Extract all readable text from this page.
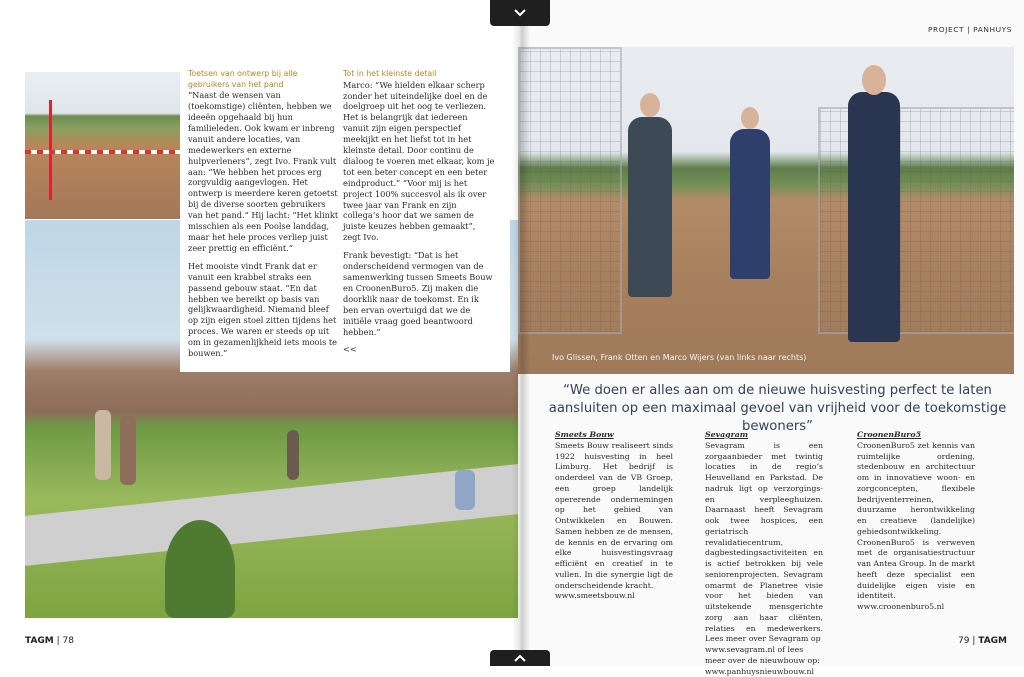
Toetsen van ontwerp bij alle gebruikers van het pand

“Naast de wensen van (toekomstige) cliënten, hebben we ideeën opgehaald bij hun familieleden. Ook kwam er inbreng vanuit andere locaties, van medewerkers en externe hulpverleners”, zegt Ivo. Frank vult aan: “We hebben het proces erg zorgvuldig aangevlogen. Het ontwerp is meerdere keren getoetst bij de diverse soorten gebruikers van het pand.” Hij lacht: “Het klinkt misschien als een Poolse landdag, maar het hele proces verliep juist zeer prettig en efficiënt.”

Het mooiste vindt Frank dat er vanuit een krabbel straks een passend gebouw staat. “En dat hebben we bereikt op basis van gelijkwaardigheid. Niemand bleef op zijn eigen stoel zitten tijdens het proces. We waren er steeds op uit om in gezamenlijkheid iets moois te bouwen.”

Tot in het kleinste detail

Marco: “We hielden elkaar scherp zonder het uiteindelijke doel en de doelgroep uit het oog te verliezen. Het is belangrijk dat iedereen vanuit zijn eigen perspectief meekijkt en het liefst tot in het kleinste detail. Door continu de dialoog te voeren met elkaar, kom je tot een beter concept en een beter eindproduct.” “Voor mij is het project 100% succesvol als ik over twee jaar van Frank en zijn collega’s hoor dat we samen de juiste keuzes hebben gemaakt”, zegt Ivo.

Frank bevestigt: “Dat is het onderscheidend vermogen van de samenwerking tussen Smeets Bouw en CroonenBuro5. Zij maken die doorklik naar de toekomst. En ik ben ervan overtuigd dat we de initiële vraag goed beantwoord hebben.”

<<

TAGM | 78
PROJECT | PANHUYS
Ivo Glissen, Frank Otten en Marco Wijers (van links naar rechts)
“We doen er alles aan om de nieuwe huisvesting perfect te laten aansluiten op een maximaal gevoel van vrijheid voor de toekomstige bewoners”

Smeets Bouw

Smeets Bouw realiseert sinds 1922 huisvesting in heel Limburg. Het bedrijf is onderdeel van de VB Groep, een groep landelijk opererende ondernemingen op het gebied van Ontwikkelen en Bouwen. Samen hebben ze de mensen, de kennis en de ervaring om elke huisvestingsvraag efficiënt en creatief in te vullen. In die synergie ligt de onderscheidende kracht.

www.smeetsbouw.nl

Sevagram

Sevagram is een zorgaanbieder met twintig locaties in de regio’s Heuvelland en Parkstad. De nadruk ligt op verzorgings- en verpleeghuizen. Daarnaast heeft Sevagram ook twee hospices, een geriatrisch revalidatiecentrum, dagbestedingsactiviteiten en is actief betrokken bij vele seniorenprojecten. Sevagram omarmt de Planetree visie voor het bieden van uitstekende mensgerichte zorg aan haar cliënten, relaties en medewerkers. Lees meer over Sevagram op

www.sevagram.nl of lees meer over de nieuwbouw op:

www.panhuysnieuwbouw.nl

CroonenBuro5

CroonenBuro5 zet kennis van ruimtelijke ordening, stedenbouw en architectuur om in innovatieve woon- en zorgconcepten, flexibele bedrijventerreinen, duurzame herontwikkeling en creatieve (landelijke) gebiedsontwikkeling. CroonenBuro5 is verweven met de organisatiestructuur van Antea Group. In de markt heeft deze specialist een duidelijke eigen visie en identiteit.

www.croonenburo5.nl

79 | TAGM
